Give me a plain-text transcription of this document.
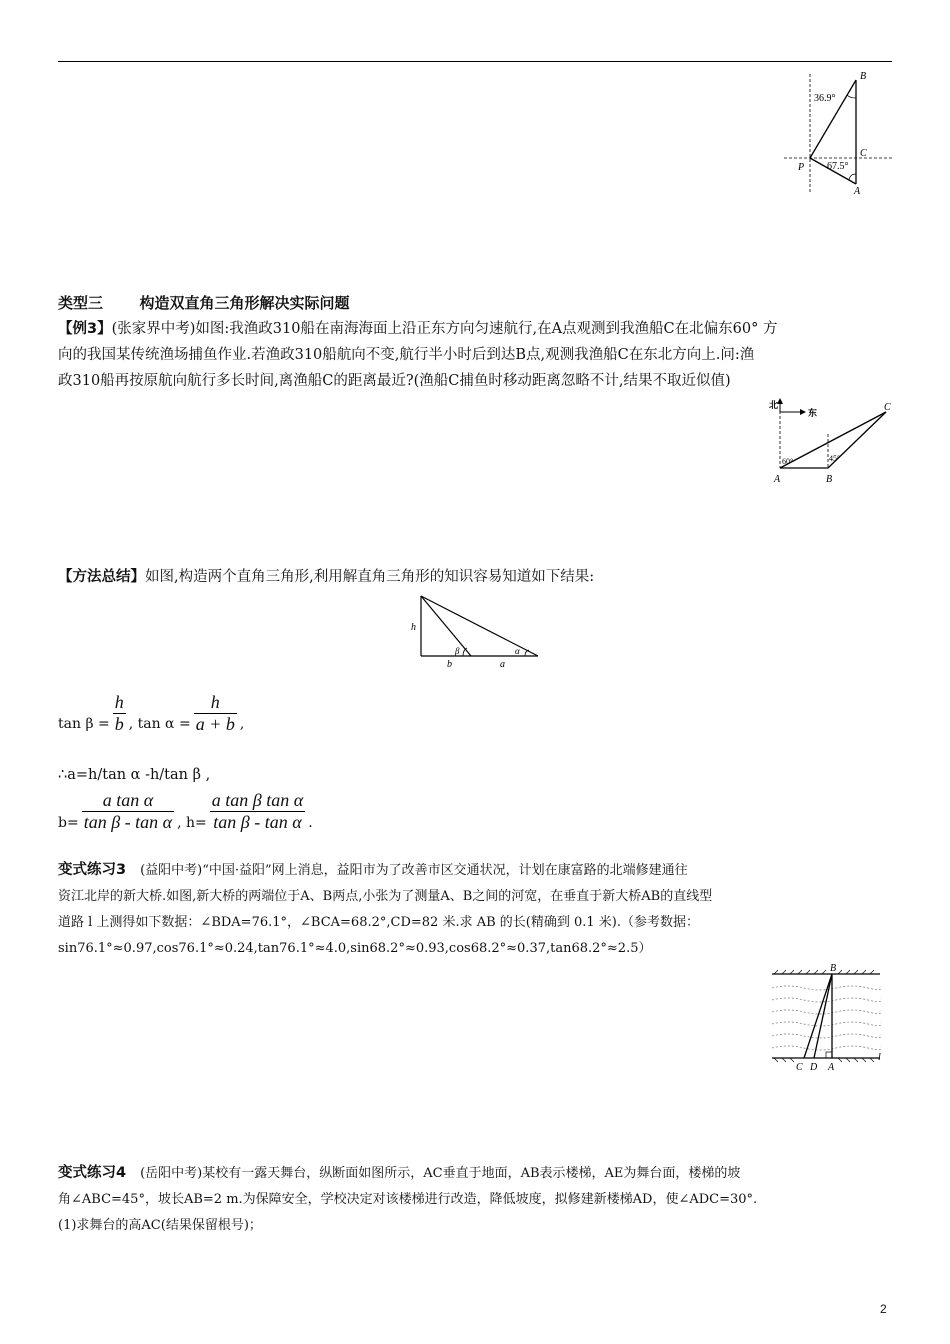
B
C
P
A
36.9°
67.5°
类型三 构造双直角三角形解决实际问题
【例3】(张家界中考)如图:我渔政310船在南海海面上沿正东方向匀速航行,在A点观测到我渔船C在北偏东60° 方
向的我国某传统渔场捕鱼作业.若渔政310船航向不变,航行半小时后到达B点,观测我渔船C在东北方向上.问:渔
政310船再按原航向航行多长时间,离渔船C的距离最近?(渔船C捕鱼时移动距离忽略不计,结果不取近似值)
北
东
60°	45°
A	B
C
【方法总结】如图,构造两个直角三角形,利用解直角三角形的知识容易知道如下结果:
h
b	a
β	α
$\tan \beta = \frac{h}{b}$ , $\tan \alpha = \frac{h}{a + b}$ ,
∴a=h/tan α -h/tan β ,
$b= \frac{\text{a tan α}}{\text{tan β - tan α}}$ , $h= \frac{\text{a tan β tan α}}{\text{tan β - tan α}}$ .
变式练习3 (益阳中考)“中国·益阳”网上消息，益阳市为了改善市区交通状况，计划在康富路的北端修建通往
资江北岸的新大桥.如图,新大桥的两端位于A、B两点,小张为了测量A、B之间的河宽，在垂直于新大桥AB的直线型
道路 l 上测得如下数据：∠BDA=76.1°，∠BCA=68.2°,CD=82 米.求 AB 的长(精确到 0.1 米).（参考数据：
sin76.1°≈0.97,cos76.1°≈0.24,tan76.1°≈4.0,sin68.2°≈0.93,cos68.2°≈0.37,tan68.2°≈2.5）
B
C D A
l
变式练习4 (岳阳中考)某校有一露天舞台，纵断面如图所示，AC垂直于地面，AB表示楼梯，AE为舞台面，楼梯的坡
角∠ABC=45°，坡长AB=2 m.为保障安全，学校决定对该楼梯进行改造，降低坡度，拟修建新楼梯AD，使∠ADC=30°.
(1)求舞台的高AC(结果保留根号)；
2
